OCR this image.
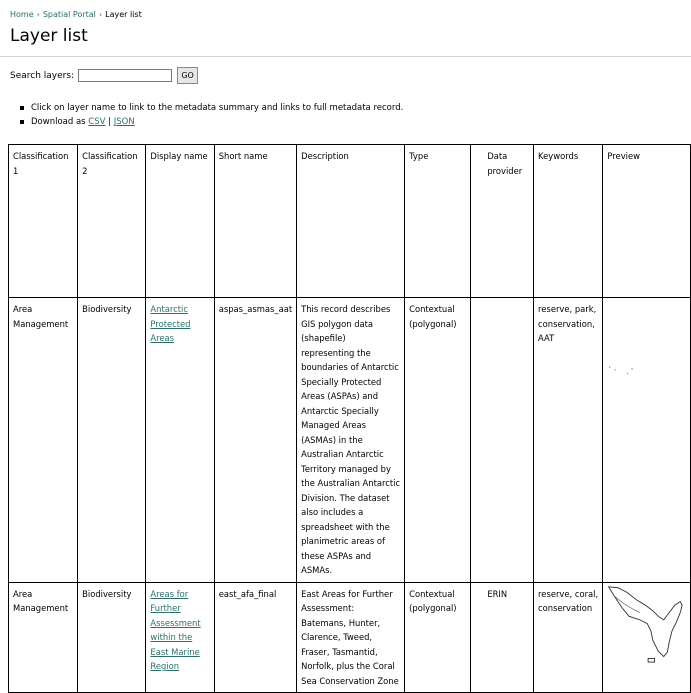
Home › Spatial Portal › Layer list
Layer list
Search layers:	GO
Click on layer name to link to the metadata summary and links to full metadata record.
Download as CSV | JSON
Classification 1	Classification 2	Display name	Short name	Description	Type	Data provider	Keywords	Preview
Area Management	Biodiversity	Antarctic Protected Areas	aspas_asmas_aat	This record describes GIS polygon data (shapefile) representing the boundaries of Antarctic Specially Protected Areas (ASPAs) and Antarctic Specially Managed Areas (ASMAs) in the Australian Antarctic Territory managed by the Australian Antarctic Division. The dataset also includes a spreadsheet with the planimetric areas of these ASPAs and ASMAs.	Contextual (polygonal)		reserve, park, conservation, AAT	
Area Management	Biodiversity	Areas for Further Assessment within the East Marine Region	east_afa_final	East Areas for Further Assessment: Batemans, Hunter, Clarence, Tweed, Fraser, Tasmantid, Norfolk, plus the Coral Sea Conservation Zone	Contextual (polygonal)	ERIN	reserve, coral, conservation	
